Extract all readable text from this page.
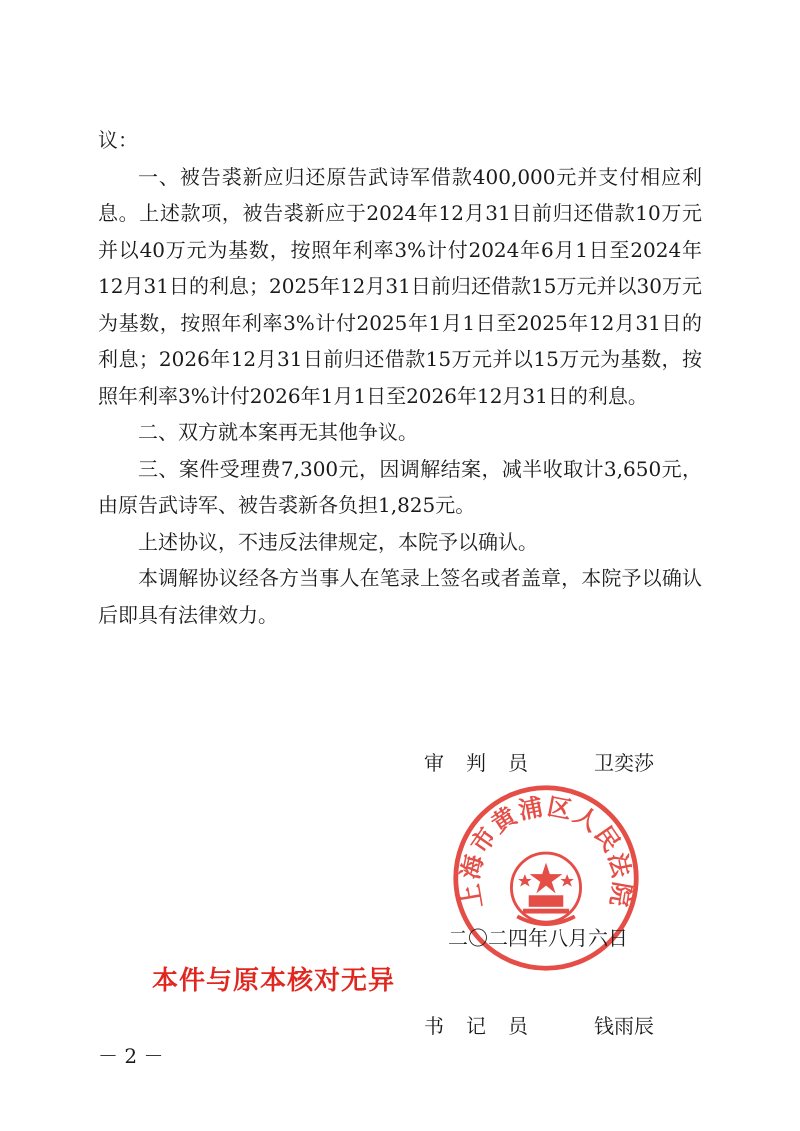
议：

一、被告裘新应归还原告武诗军借款400,000元并支付相应利息。上述款项，被告裘新应于2024年12月31日前归还借款10万元并以40万元为基数，按照年利率3%计付2024年6月1日至2024年12月31日的利息；2025年12月31日前归还借款15万元并以30万元为基数，按照年利率3%计付2025年1月1日至2025年12月31日的利息；2026年12月31日前归还借款15万元并以15万元为基数，按照年利率3%计付2026年1月1日至2026年12月31日的利息。

二、双方就本案再无其他争议。

三、案件受理费7,300元，因调解结案，减半收取计3,650元，由原告武诗军、被告裘新各负担1,825元。

上述协议，不违反法律规定，本院予以确认。

本调解协议经各方当事人在笔录上签名或者盖章，本院予以确认后即具有法律效力。

审判员

卫奕莎

上海市黄浦区人民法院
二〇二四年八月六日
本件与原本核对无异

书记员

钱雨辰

－ 2 －
